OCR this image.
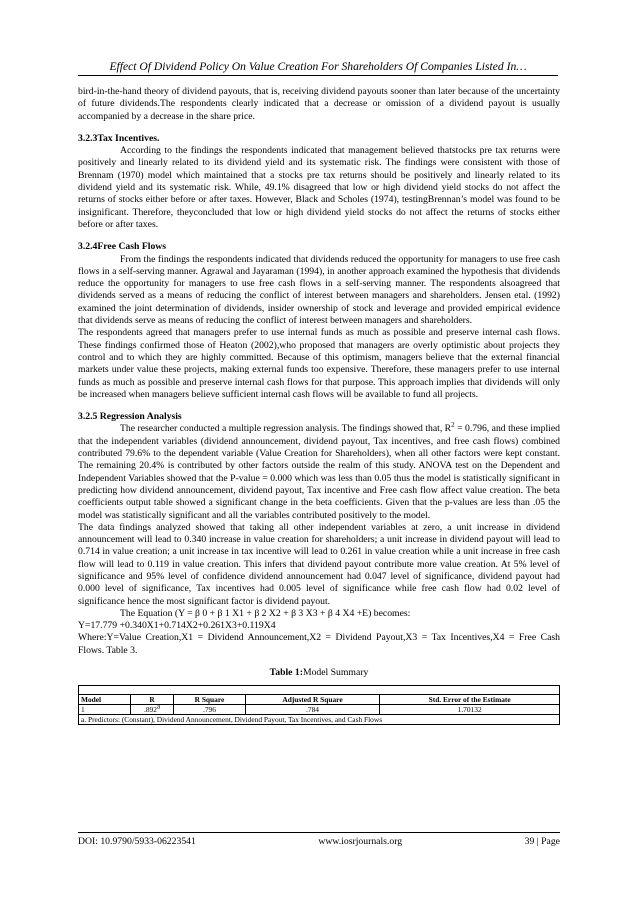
Effect Of Dividend Policy On Value Creation For Shareholders Of Companies Listed In…

bird-in-the-hand theory of dividend payouts, that is, receiving dividend payouts sooner than later because of the uncertainty of future dividends.The respondents clearly indicated that a decrease or omission of a dividend payout is usually accompanied by a decrease in the share price.

3.2.3Tax Incentives.

According to the findings the respondents indicated that management believed thatstocks pre tax returns were positively and linearly related to its dividend yield and its systematic risk. The findings were consistent with those of Brennam (1970) model which maintained that a stocks pre tax returns should be positively and linearly related to its dividend yield and its systematic risk. While, 49.1% disagreed that low or high dividend yield stocks do not affect the returns of stocks either before or after taxes. However, Black and Scholes (1974), testingBrennan’s model was found to be insignificant. Therefore, theyconcluded that low or high dividend yield stocks do not affect the returns of stocks either before or after taxes.

3.2.4Free Cash Flows

From the findings the respondents indicated that dividends reduced the opportunity for managers to use free cash flows in a self-serving manner. Agrawal and Jayaraman (1994), in another approach examined the hypothesis that dividends reduce the opportunity for managers to use free cash flows in a self-serving manner. The respondents alsoagreed that dividends served as a means of reducing the conflict of interest between managers and shareholders. Jensen etal. (1992) examined the joint determination of dividends, insider ownership of stock and leverage and provided empirical evidence that dividends serve as means of reducing the conflict of interest between managers and shareholders.

The respondents agreed that managers prefer to use internal funds as much as possible and preserve internal cash flows. These findings confirmed those of Heaton (2002),who proposed that managers are overly optimistic about projects they control and to which they are highly committed. Because of this optimism, managers believe that the external financial markets under value these projects, making external funds too expensive. Therefore, these managers prefer to use internal funds as much as possible and preserve internal cash flows for that purpose. This approach implies that dividends will only be increased when managers believe sufficient internal cash flows will be available to fund all projects.

3.2.5 Regression Analysis

The researcher conducted a multiple regression analysis. The findings showed that, $R^2 = 0.796$, and these implied that the independent variables (dividend announcement, dividend payout, Tax incentives, and free cash flows) combined contributed 79.6% to the dependent variable (Value Creation for Shareholders), when all other factors were kept constant. The remaining 20.4% is contributed by other factors outside the realm of this study. ANOVA test on the Dependent and Independent Variables showed that the P-value = 0.000 which was less than 0.05 thus the model is statistically significant in predicting how dividend announcement, dividend payout, Tax incentive and Free cash flow affect value creation. The beta coefficients output table showed a significant change in the beta coefficients. Given that the p-values are less than .05 the model was statistically significant and all the variables contributed positively to the model.

The data findings analyzed showed that taking all other independent variables at zero, a unit increase in dividend announcement will lead to 0.340 increase in value creation for shareholders; a unit increase in dividend payout will lead to 0.714 in value creation; a unit increase in tax incentive will lead to 0.261 in value creation while a unit increase in free cash flow will lead to 0.119 in value creation. This infers that dividend payout contribute more value creation. At 5% level of significance and 95% level of confidence dividend announcement had 0.047 level of significance, dividend payout had 0.000 level of significance, Tax incentives had 0.005 level of significance while free cash flow had 0.02 level of significance hence the most significant factor is dividend payout.

The Equation (Y = β 0 + β 1 X1 + β 2 X2 + β 3 X3 + β 4 X4 +E) becomes:

Y=17.779 +0.340X1+0.714X2+0.261X3+0.119X4

Where:Y=Value Creation,X1 = Dividend Announcement,X2 = Dividend Payout,X3 = Tax Incentives,X4 = Free Cash Flows. Table 3.

Table 1:Model Summary

Model	R	R Square	Adjusted R Square	Std. Error of the Estimate
1	.892$^a$	.796	.784	1.70132
a. Predictors: (Constant), Dividend Announcement, Dividend Payout, Tax Incentives, and Cash Flows				
DOI: 10.9790/5933-06223541	www.iosrjournals.org	39 | Page
